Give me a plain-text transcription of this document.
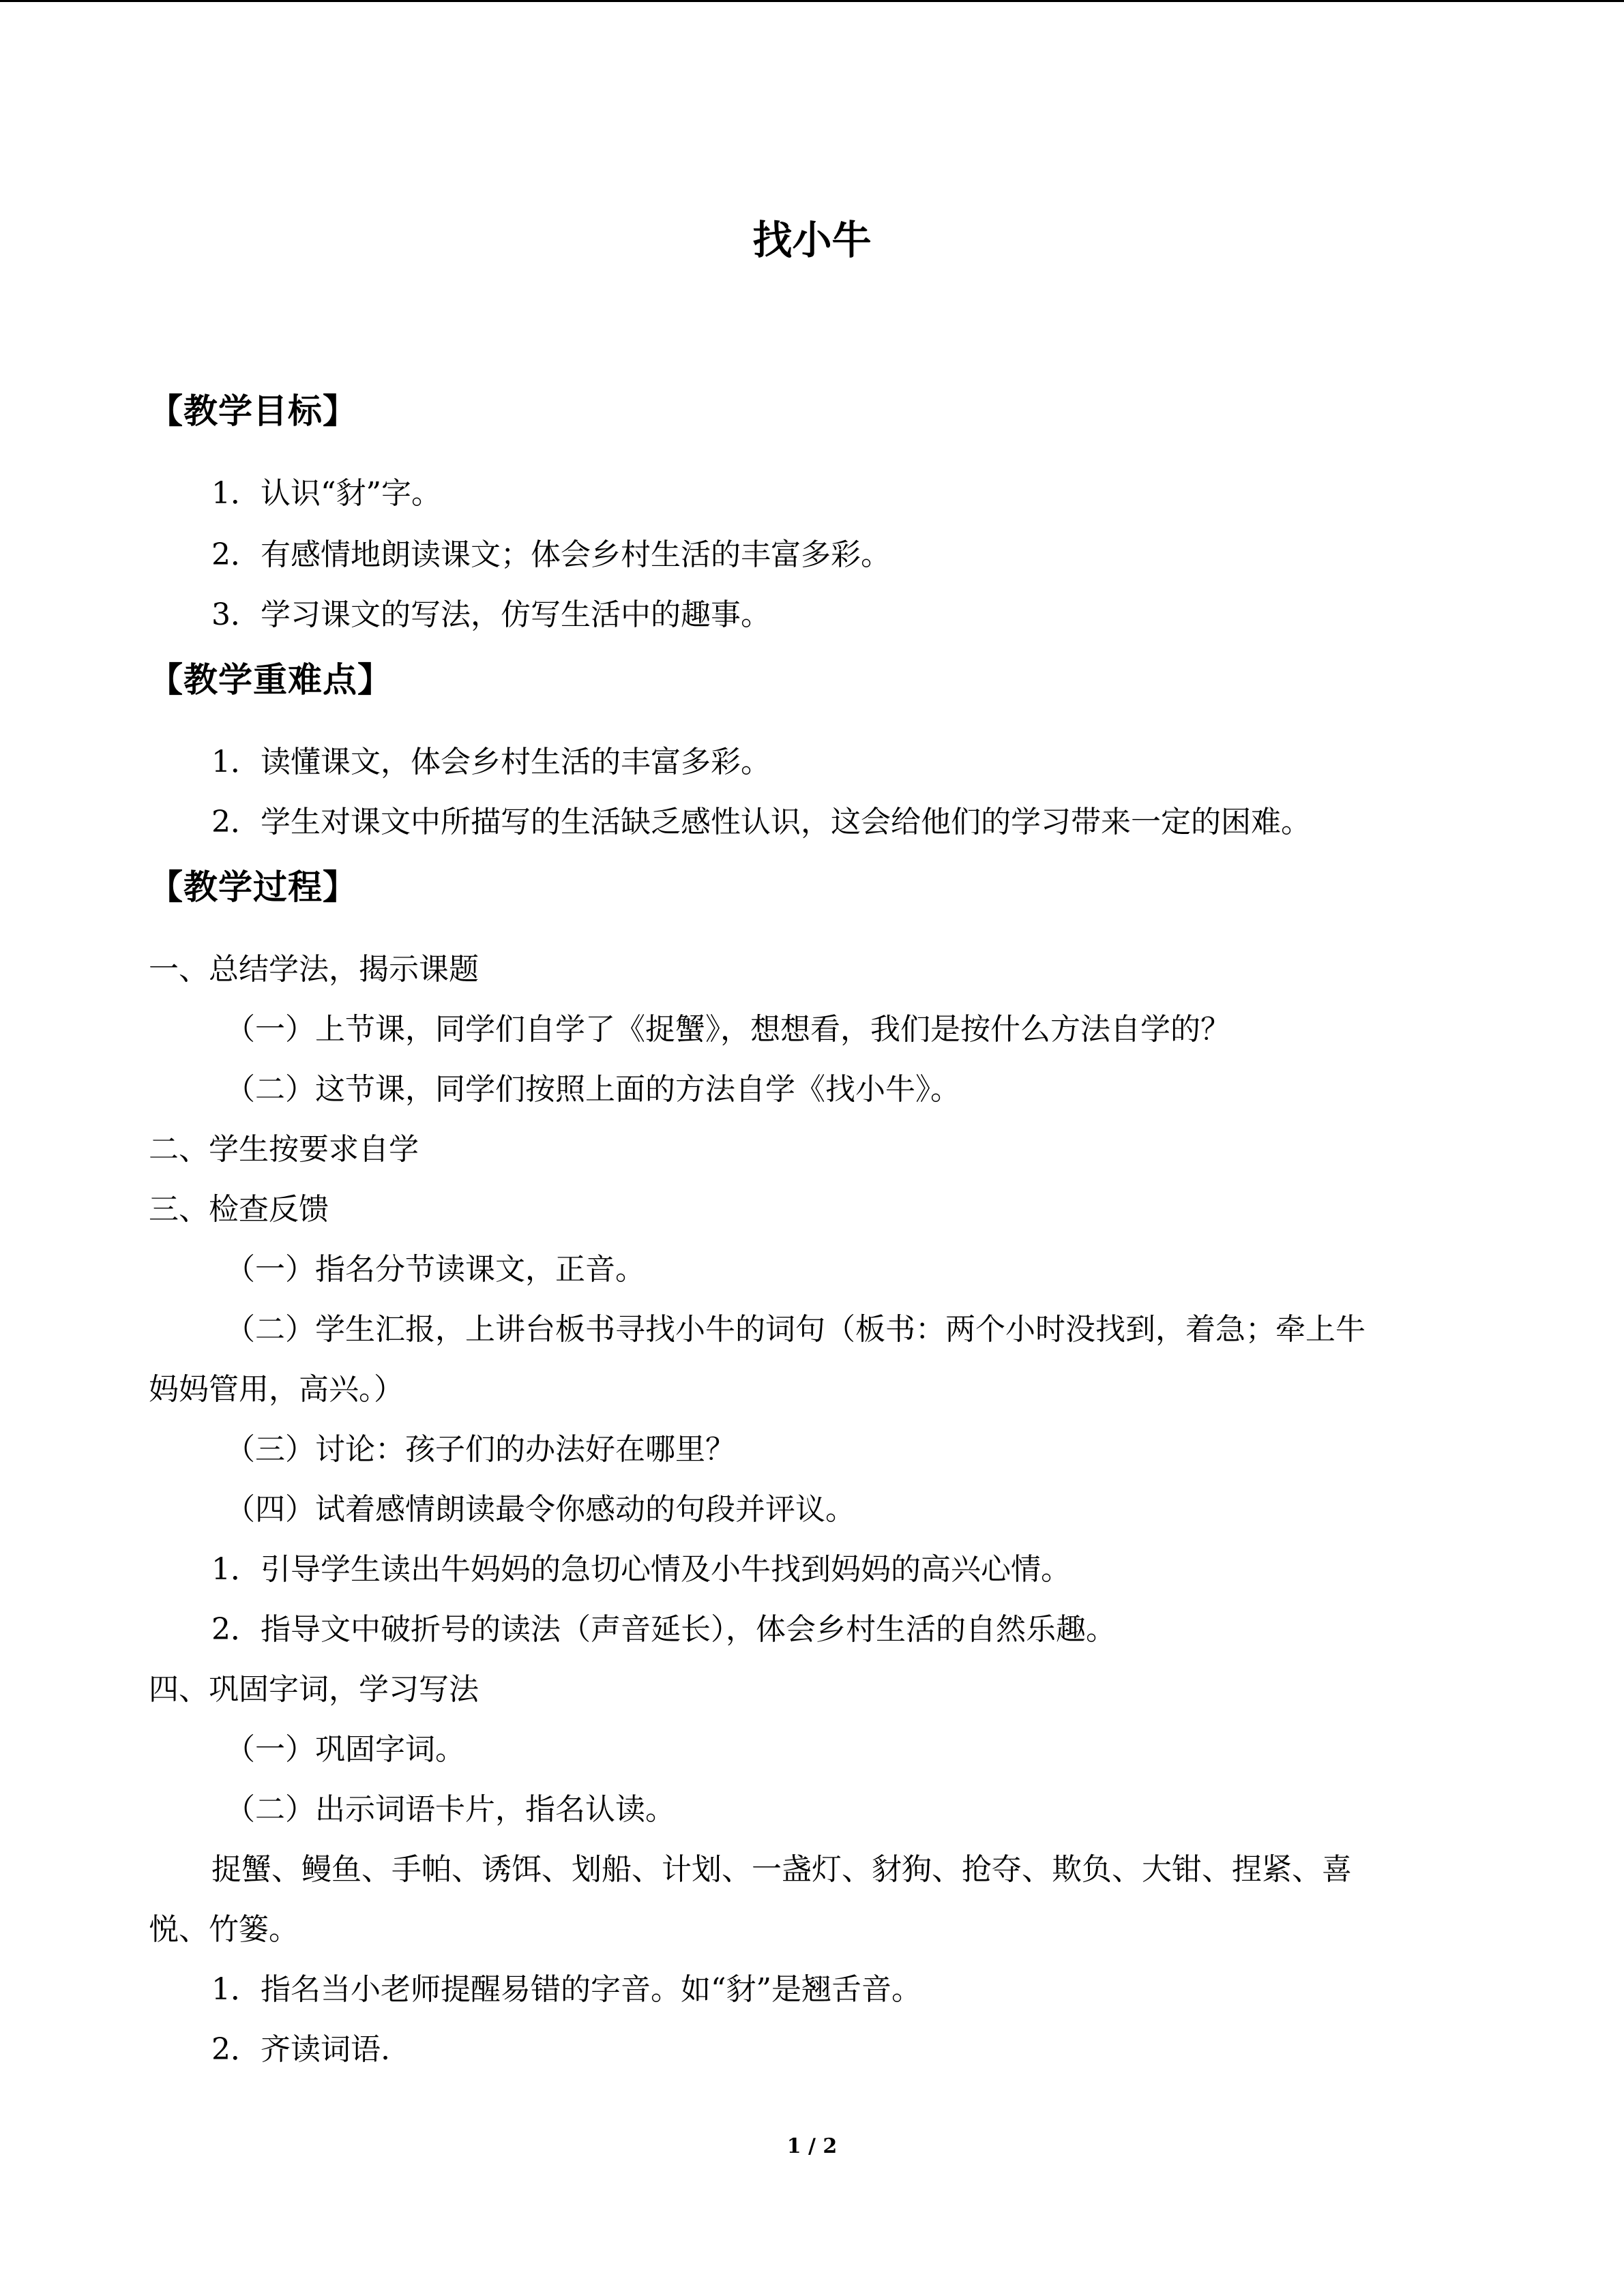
找小牛
【教学目标】
1．认识“豺”字。
2．有感情地朗读课文；体会乡村生活的丰富多彩。
3．学习课文的写法，仿写生活中的趣事。
【教学重难点】
1．读懂课文，体会乡村生活的丰富多彩。
2．学生对课文中所描写的生活缺乏感性认识，这会给他们的学习带来一定的困难。
【教学过程】
一、总结学法，揭示课题
（一）上节课，同学们自学了《捉蟹》，想想看，我们是按什么方法自学的？
（二）这节课，同学们按照上面的方法自学《找小牛》。
二、学生按要求自学
三、检查反馈
（一）指名分节读课文，正音。
（二）学生汇报，上讲台板书寻找小牛的词句（板书：两个小时没找到，着急；牵上牛
妈妈管用，高兴。）
（三）讨论：孩子们的办法好在哪里？
（四）试着感情朗读最令你感动的句段并评议。
1．引导学生读出牛妈妈的急切心情及小牛找到妈妈的高兴心情。
2．指导文中破折号的读法（声音延长），体会乡村生活的自然乐趣。
四、巩固字词，学习写法
（一）巩固字词。
（二）出示词语卡片，指名认读。
捉蟹、鳗鱼、手帕、诱饵、划船、计划、一盏灯、豺狗、抢夺、欺负、大钳、捏紧、喜
悦、竹篓。
1．指名当小老师提醒易错的字音。如“豺”是翘舌音。
2．齐读词语.
1 / 2
